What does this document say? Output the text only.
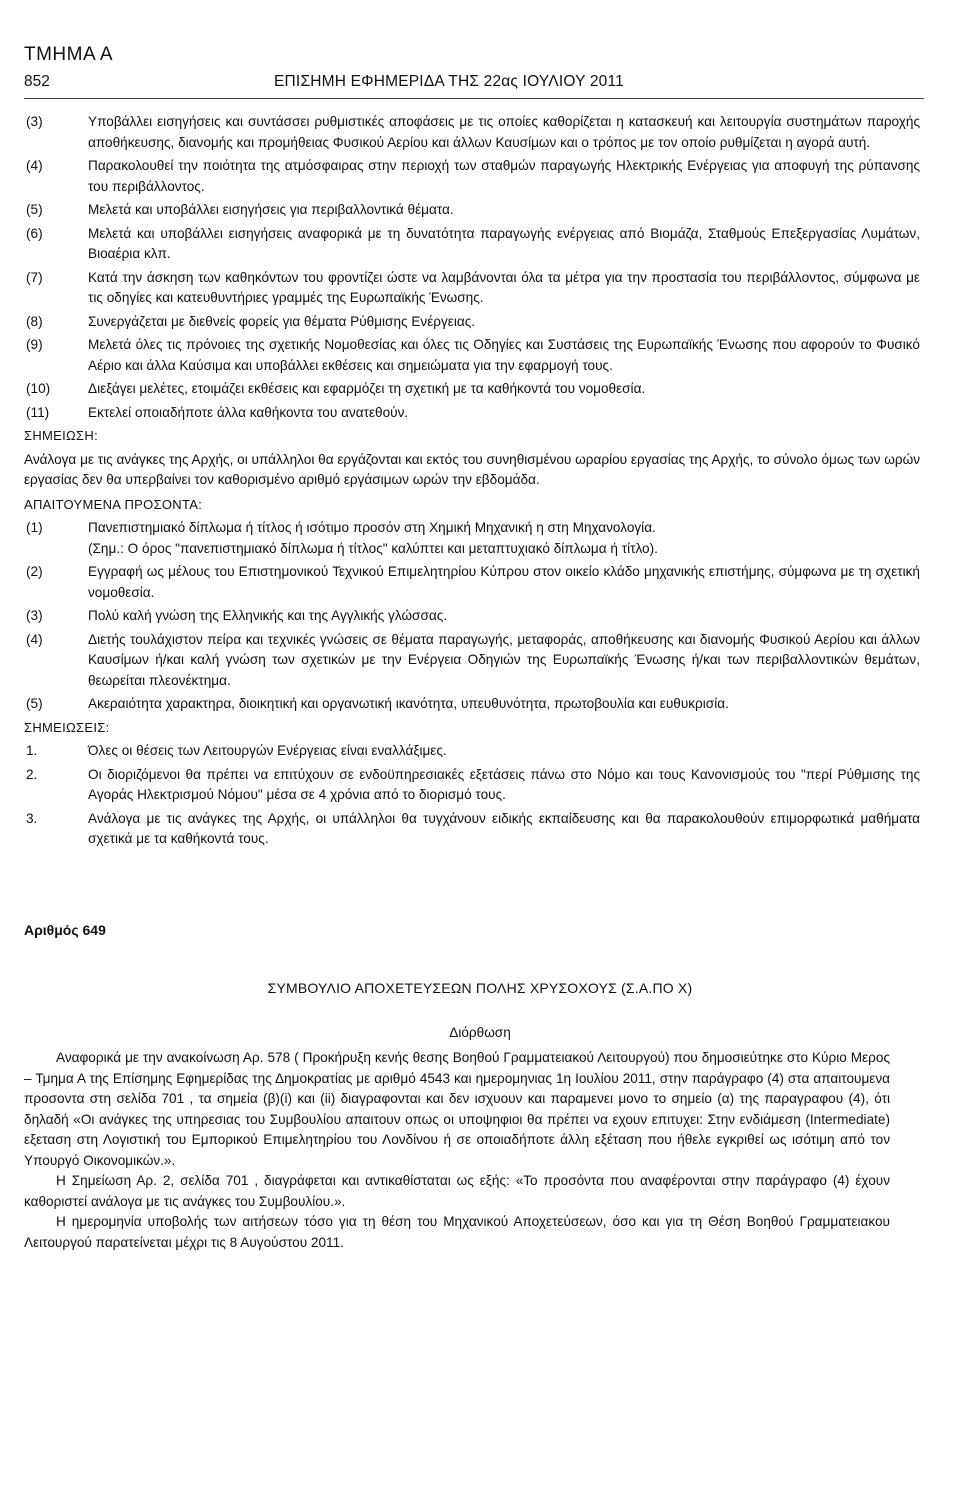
ΤΜΗΜΑ Α
852	ΕΠΙΣΗΜΗ ΕΦΗΜΕΡΙΔΑ ΤΗΣ 22ας ΙΟΥΛΙΟΥ 2011
(3)	Υποβάλλει εισηγήσεις και συντάσσει ρυθμιστικές αποφάσεις με τις οποίες καθορίζεται η κατασκευή και λειτουργία συστημάτων παροχής αποθήκευσης, διανομής και προμήθειας Φυσικού Αερίου και άλλων Καυσίμων και ο τρόπος με τον οποίο ρυθμίζεται η αγορά αυτή.
(4)	Παρακολουθεί την ποιότητα της ατμόσφαιρας στην περιοχή των σταθμών παραγωγής Ηλεκτρικής Ενέργειας για αποφυγή της ρύπανσης του περιβάλλοντος.
(5)	Μελετά και υποβάλλει εισηγήσεις για περιβαλλοντικά θέματα.
(6)	Μελετά και υποβάλλει εισηγήσεις αναφορικά με τη δυνατότητα παραγωγής ενέργειας από Βιομάζα, Σταθμούς Επεξεργασίας Λυμάτων, Βιοαέρια κλπ.
(7)	Κατά την άσκηση των καθηκόντων του φροντίζει ώστε να λαμβάνονται όλα τα μέτρα για την προστασία του περιβάλλοντος, σύμφωνα με τις οδηγίες και κατευθυντήριες γραμμές της Ευρωπαϊκής Ένωσης.
(8)	Συνεργάζεται με διεθνείς φορείς για θέματα Ρύθμισης Ενέργειας.
(9)	Μελετά όλες τις πρόνοιες της σχετικής Νομοθεσίας και όλες τις Οδηγίες και Συστάσεις της Ευρωπαϊκής Ένωσης που αφορούν το Φυσικό Αέριο και άλλα Καύσιμα και υποβάλλει εκθέσεις και σημειώματα για την εφαρμογή τους.
(10)	Διεξάγει μελέτες, ετοιμάζει εκθέσεις και εφαρμόζει τη σχετική με τα καθήκοντά του νομοθεσία.
(11)	Εκτελεί οποιαδήποτε άλλα καθήκοντα του ανατεθούν.
ΣΗΜΕΙΩΣΗ:
Ανάλογα με τις ανάγκες της Αρχής, οι υπάλληλοι θα εργάζονται και εκτός του συνηθισμένου ωραρίου εργασίας της Αρχής, το σύνολο όμως των ωρών εργασίας δεν θα υπερβαίνει τον καθορισμένο αριθμό εργάσιμων ωρών την εβδομάδα.
ΑΠΑΙΤΟΥΜΕΝΑ ΠΡΟΣΟΝΤΑ:
(1)	Πανεπιστημιακό δίπλωμα ή τίτλος ή ισότιμο προσόν στη Χημική Μηχανική η στη Μηχανολογία.
(Σημ.: Ο όρος "πανεπιστημιακό δίπλωμα ή τίτλος" καλύπτει και μεταπτυχιακό δίπλωμα ή τίτλο).
(2)	Εγγραφή ως μέλους του Επιστημονικού Τεχνικού Επιμελητηρίου Κύπρου στον οικείο κλάδο μηχανικής επιστήμης, σύμφωνα με τη σχετική νομοθεσία.
(3)	Πολύ καλή γνώση της Ελληνικής και της Αγγλικής γλώσσας.
(4)	Διετής τουλάχιστον πείρα και τεχνικές γνώσεις σε θέματα παραγωγής, μεταφοράς, αποθήκευσης και διανομής Φυσικού Αερίου και άλλων Καυσίμων ή/και καλή γνώση των σχετικών με την Ενέργεια Οδηγιών της Ευρωπαϊκής Ένωσης ή/και των περιβαλλοντικών θεμάτων, θεωρείται πλεονέκτημα.
(5)	Ακεραιότητα χαρακτηρα, διοικητική και οργανωτική ικανότητα, υπευθυνότητα, πρωτοβουλία και ευθυκρισία.
ΣΗΜΕΙΩΣΕΙΣ:
1.	Όλες οι θέσεις των Λειτουργών Ενέργειας είναι εναλλάξιμες.
2.	Οι διοριζόμενοι θα πρέπει να επιτύχουν σε ενδοϋπηρεσιακές εξετάσεις πάνω στο Νόμο και τους Κανονισμούς του "περί Ρύθμισης της Αγοράς Ηλεκτρισμού Νόμου" μέσα σε 4 χρόνια από το διορισμό τους.
3.	Ανάλογα με τις ανάγκες της Αρχής, οι υπάλληλοι θα τυγχάνουν ειδικής εκπαίδευσης και θα παρακολουθούν επιμορφωτικά μαθήματα σχετικά με τα καθήκοντά τους.
Αριθμός 649
ΣΥΜΒΟΥΛΙΟ ΑΠΟΧΕΤΕΥΣΕΩΝ ΠΟΛΗΣ ΧΡΥΣΟΧΟΥΣ (Σ.Α.ΠΟ Χ)
Διόρθωση
Αναφορικά με την ανακοίνωση Αρ. 578 ( Προκήρυξη κενής θεσης Βοηθού Γραμματειακού Λειτουργού) που δημοσιεύτηκε στο Κύριο Μερος – Τμημα Α της Επίσημης Εφημερίδας της Δημοκρατίας με αριθμό 4543 και ημερομηνιας 1η Ιουλίου 2011, στην παράγραφο (4) στα απαιτουμενα προσοντα στη σελίδα 701 , τα σημεία (β)(i) και (ii) διαγραφονται και δεν ισχυουν και παραμενει μονο το σημείο (α) της παραγραφου (4), ότι δηλαδή «Οι ανάγκες της υπηρεσιας του Συμβουλίου απαιτουν οπως οι υποψηφιοι θα πρέπει να εχουν επιτυχει: Στην ενδιάμεση (Intermediate) εξεταση στη Λογιστική του Εμπορικού Επιμελητηρίου του Λονδίνου ή σε οποιαδήποτε άλλη εξέταση που ήθελε εγκριθεί ως ισότιμη από τον Υπουργό Οικονομικών.».
Η Σημείωση Αρ. 2, σελίδα 701 , διαγράφεται και αντικαθίσταται ως εξής: «Το προσόντα που αναφέρονται στην παράγραφο (4) έχουν καθοριστεί ανάλογα με τις ανάγκες του Συμβουλίου.».
Η ημερομηνία υποβολής των αιτήσεων τόσο για τη θέση του Μηχανικού Αποχετεύσεων, όσο και για τη Θέση Βοηθού Γραμματειακου Λειτουργού παρατείνεται μέχρι τις 8 Αυγούστου 2011.
